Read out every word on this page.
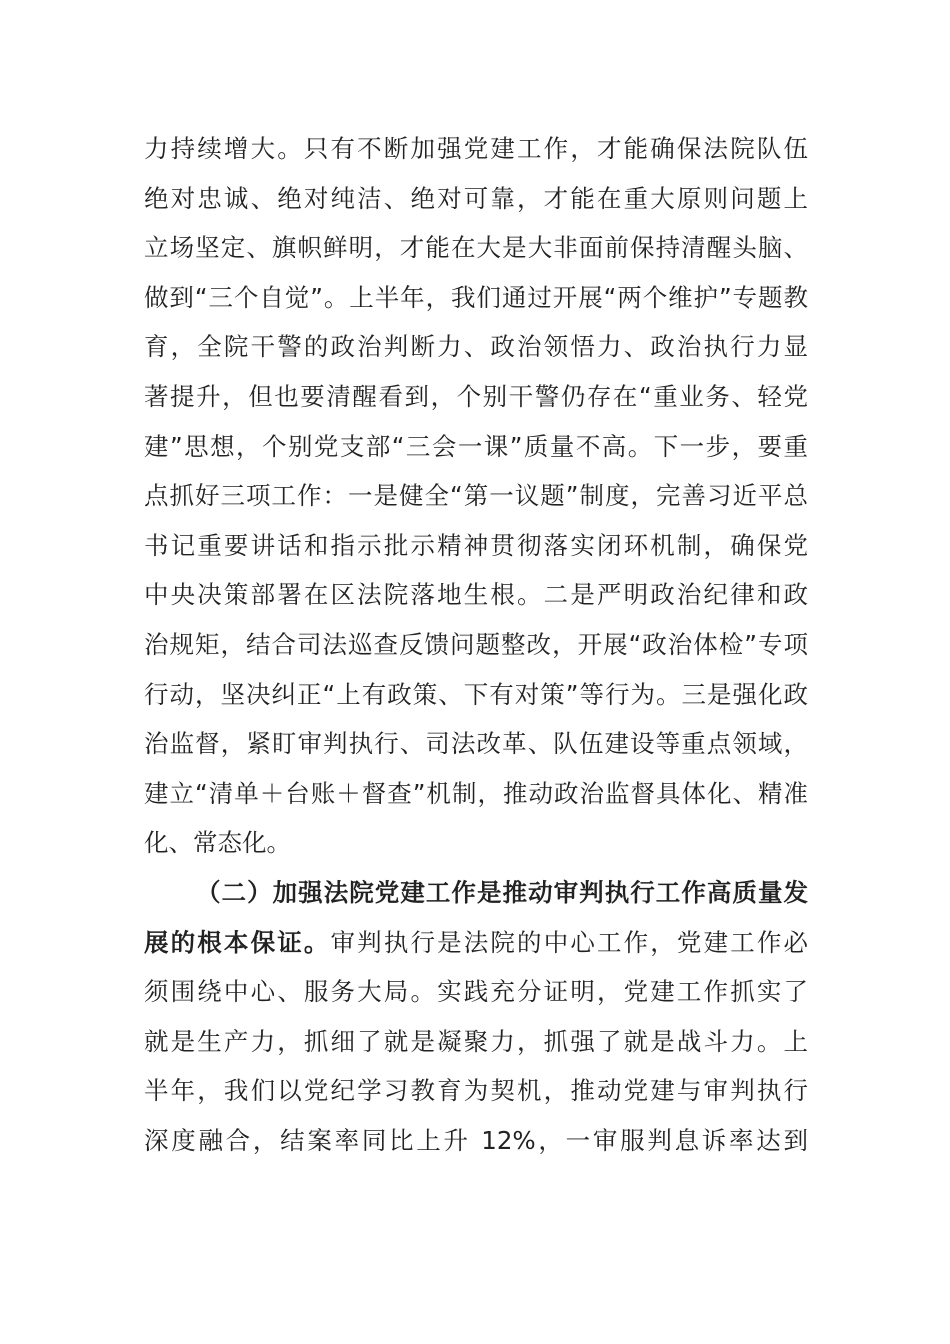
力持续增大。只有不断加强党建工作，才能确保法院队伍
绝对忠诚、绝对纯洁、绝对可靠，才能在重大原则问题上
立场坚定、旗帜鲜明，才能在大是大非面前保持清醒头脑、
做到“三个自觉”。上半年，我们通过开展“两个维护”专题教
育，全院干警的政治判断力、政治领悟力、政治执行力显
著提升，但也要清醒看到，个别干警仍存在“重业务、轻党
建”思想，个别党支部“三会一课”质量不高。下一步，要重
点抓好三项工作：一是健全“第一议题”制度，完善习近平总
书记重要讲话和指示批示精神贯彻落实闭环机制，确保党
中央决策部署在区法院落地生根。二是严明政治纪律和政
治规矩，结合司法巡查反馈问题整改，开展“政治体检”专项
行动，坚决纠正“上有政策、下有对策”等行为。三是强化政
治监督，紧盯审判执行、司法改革、队伍建设等重点领域，
建立“清单＋台账＋督查”机制，推动政治监督具体化、精准
化、常态化。
（二）加强法院党建工作是推动审判执行工作高质量发
展的根本保证。审判执行是法院的中心工作，党建工作必
须围绕中心、服务大局。实践充分证明，党建工作抓实了
就是生产力，抓细了就是凝聚力，抓强了就是战斗力。上
半年，我们以党纪学习教育为契机，推动党建与审判执行
深度融合，结案率同比上升 12%，一审服判息诉率达到
